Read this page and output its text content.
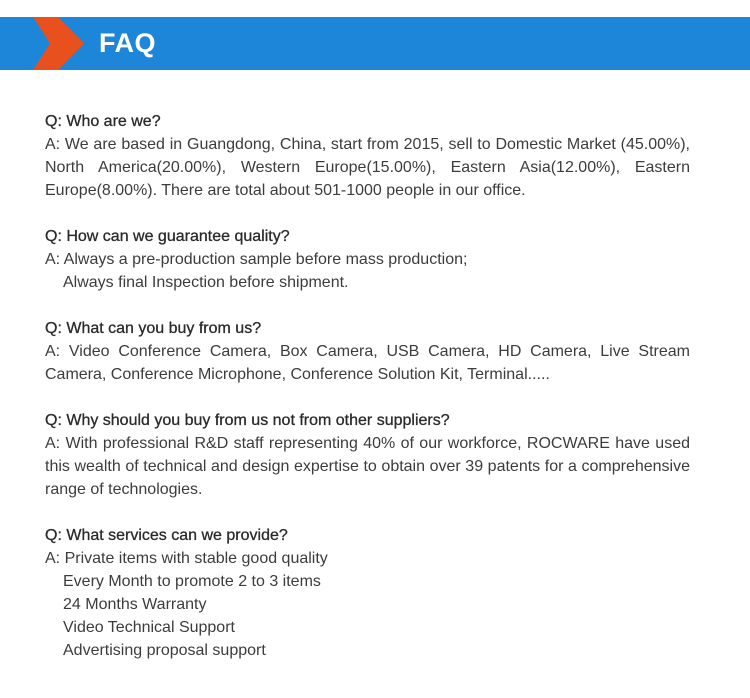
FAQ
Q: Who are we?
A: We are based in Guangdong, China, start from 2015, sell to Domestic Market (45.00%), North America(20.00%), Western Europe(15.00%), Eastern Asia(12.00%), Eastern Europe(8.00%). There are total about 501-1000 people in our office.
Q: How can we guarantee quality?
A: Always a pre-production sample before mass production;
Always final Inspection before shipment.
Q: What can you buy from us?
A: Video Conference Camera, Box Camera, USB Camera, HD Camera, Live Stream Camera, Conference Microphone, Conference Solution Kit, Terminal.....
Q: Why should you buy from us not from other suppliers?
A: With professional R&D staff representing 40% of our workforce, ROCWARE have used this wealth of technical and design expertise to obtain over 39 patents for a comprehensive range of technologies.
Q: What services can we provide?
A: Private items with stable good quality
Every Month to promote 2 to 3 items
24 Months Warranty
Video Technical Support
Advertising proposal support
